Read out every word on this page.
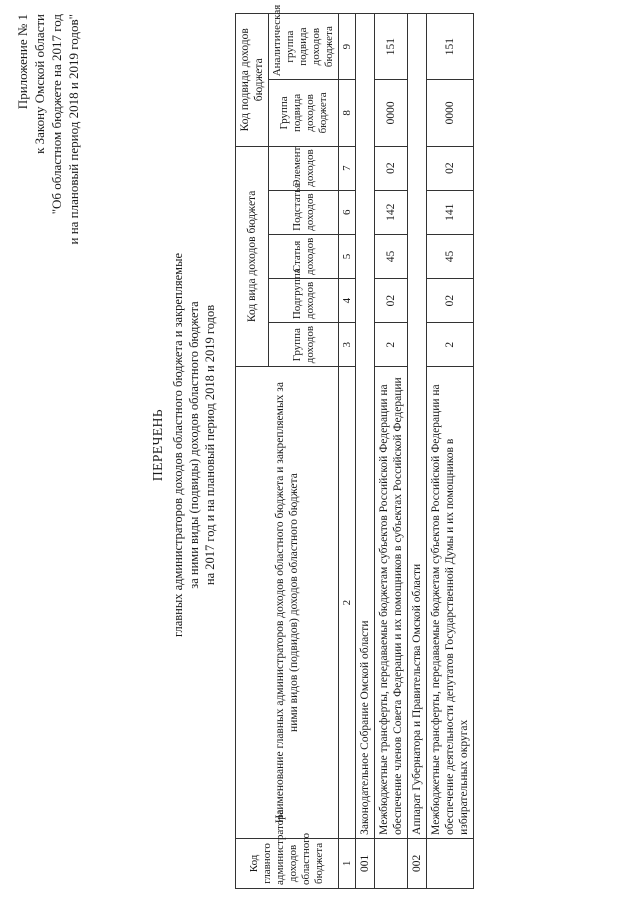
Приложение № 1 к Закону Омской области "Об областном бюджете на 2017 год и на плановый период 2018 и 2019 годов"
ПЕРЕЧЕНЬ главных администраторов доходов областного бюджета и закрепляемые за ними виды (подвиды) доходов областного бюджета на 2017 год и на плановый период 2018 и 2019 годов
Код главного администратора доходов областного бюджета	Наименование главных администраторов доходов областного бюджета и закрепляемых за ними видов (подвидов) доходов областного бюджета	Код вида доходов бюджета					Код подвида доходов бюджета	
		Группа доходов	Подгруппа доходов	Статья доходов	Подстатья доходов	Элемент доходов	Группа подвида доходов бюджета	Аналитическая группа подвида доходов бюджета
1	2	3	4	5	6	7	8	9
001	Законодательное Собрание Омской области							
	Межбюджетные трансферты, передаваемые бюджетам субъектов Российской Федерации на обеспечение членов Совета Федерации и их помощников в субъектах Российской Федерации	2	02	45	142	02	0000	151
002	Аппарат Губернатора и Правительства Омской области							
	Межбюджетные трансферты, передаваемые бюджетам субъектов Российской Федерации на обеспечение деятельности депутатов Государственной Думы и их помощников в избирательных округах	2	02	45	141	02	0000	151
